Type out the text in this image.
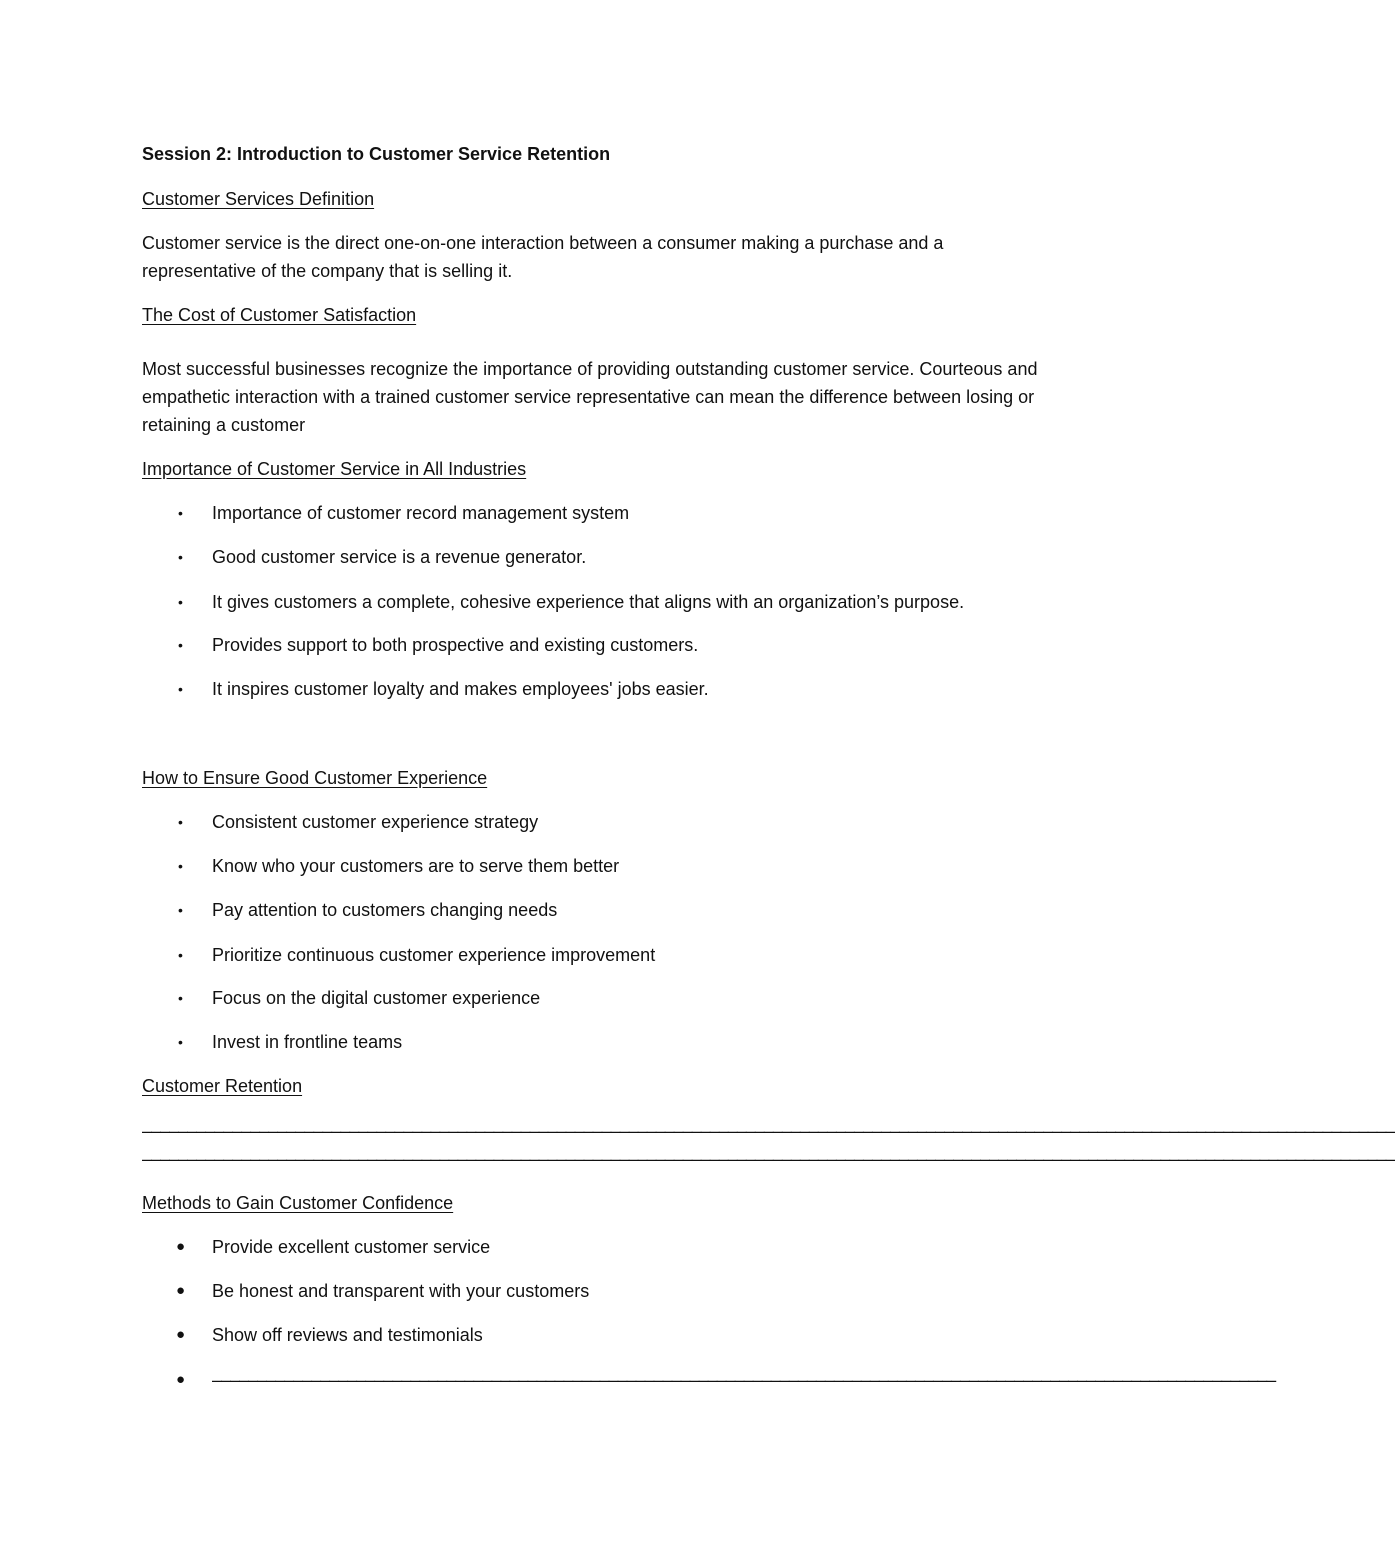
Session 2: Introduction to Customer Service Retention
Customer Services Definition
Customer service is the direct one-on-one interaction between a consumer making a purchase and a representative of the company that is selling it.
The Cost of Customer Satisfaction
Most successful businesses recognize the importance of providing outstanding customer service. Courteous and empathetic interaction with a trained customer service representative can mean the difference between losing or retaining a customer
Importance of Customer Service in All Industries
• Importance of customer record management system
• Good customer service is a revenue generator.
• It gives customers a complete, cohesive experience that aligns with an organization’s purpose.
• Provides support to both prospective and existing customers.
• It inspires customer loyalty and makes employees' jobs easier.
How to Ensure Good Customer Experience
• Consistent customer experience strategy
• Know who your customers are to serve them better
• Pay attention to customers changing needs
• Prioritize continuous customer experience improvement
• Focus on the digital customer experience
• Invest in frontline teams
Customer Retention
–––––––––––––––––––––––––––––––––––––––––––––––––––––––––––––––––––––––––––––––––––––––––––––––––––––––––––––––––––––––––––––––––––––––––––
–––––––––––––––––––––––––––––––––––––––––––––––––––––––––––––––––––––––––––––––––––––––––––––––––––––––––––––––––––––––––––––––––––––––––––
Methods to Gain Customer Confidence
● Provide excellent customer service
● Be honest and transparent with your customers
● Show off reviews and testimonials
● ––––––––––––––––––––––––––––––––––––––––––––––––––––––––––––––––––––––––––––––––––––––––––––––––––––––––––––––––––––––
